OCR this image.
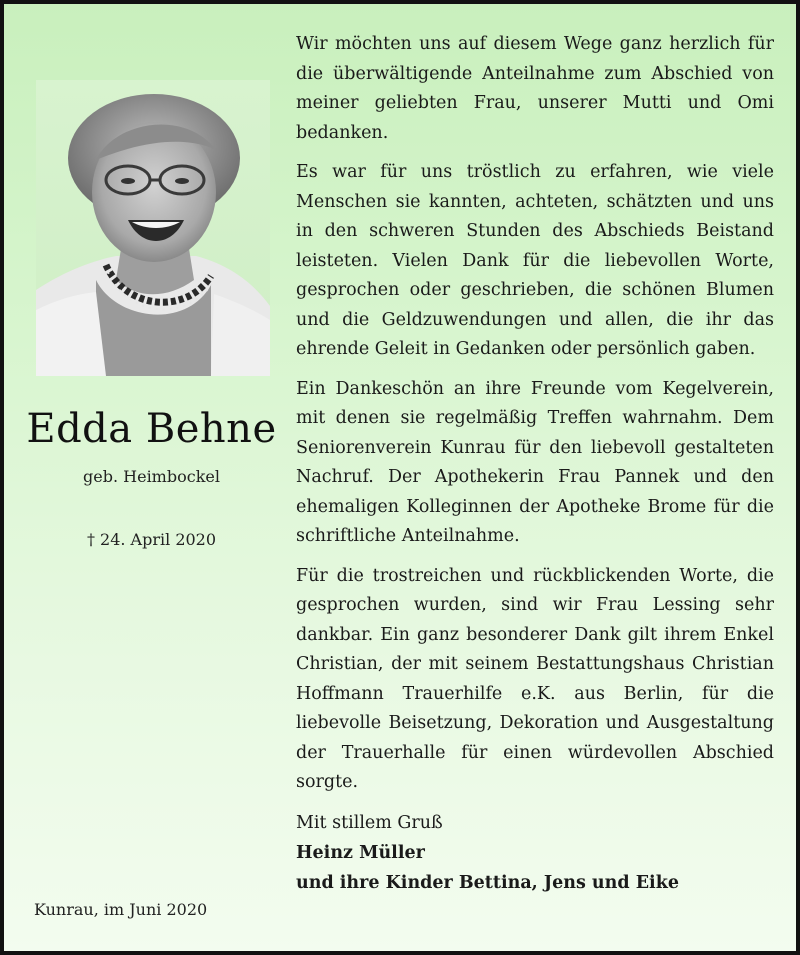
Edda Behne
geb. Heimbockel
† 24. April 2020
Kunrau, im Juni 2020

Wir möchten uns auf diesem Wege ganz herzlich für die überwältigende Anteilnahme zum Abschied von meiner geliebten Frau, unserer Mutti und Omi bedanken.

Es war für uns tröstlich zu erfahren, wie viele Menschen sie kannten, achteten, schätzten und uns in den schweren Stunden des Abschieds Beistand leisteten. Vielen Dank für die liebevollen Worte, gesprochen oder geschrieben, die schönen Blumen und die Geldzuwendungen und allen, die ihr das ehrende Geleit in Gedanken oder persönlich gaben.

Ein Dankeschön an ihre Freunde vom Kegelverein, mit denen sie regelmäßig Treffen wahrnahm. Dem Seniorenverein Kunrau für den liebevoll gestalteten Nachruf. Der Apothekerin Frau Pannek und den ehemaligen Kolleginnen der Apotheke Brome für die schriftliche Anteilnahme.

Für die trostreichen und rückblickenden Worte, die gesprochen wurden, sind wir Frau Lessing sehr dankbar. Ein ganz besonderer Dank gilt ihrem Enkel Christian, der mit seinem Bestattungshaus Christian Hoffmann Trauerhilfe e.K. aus Berlin, für die liebevolle Beisetzung, Dekoration und Ausgestaltung der Trauerhalle für einen würdevollen Abschied sorgte.

Mit stillem Gruß
Heinz Müller
und ihre Kinder Bettina, Jens und Eike
